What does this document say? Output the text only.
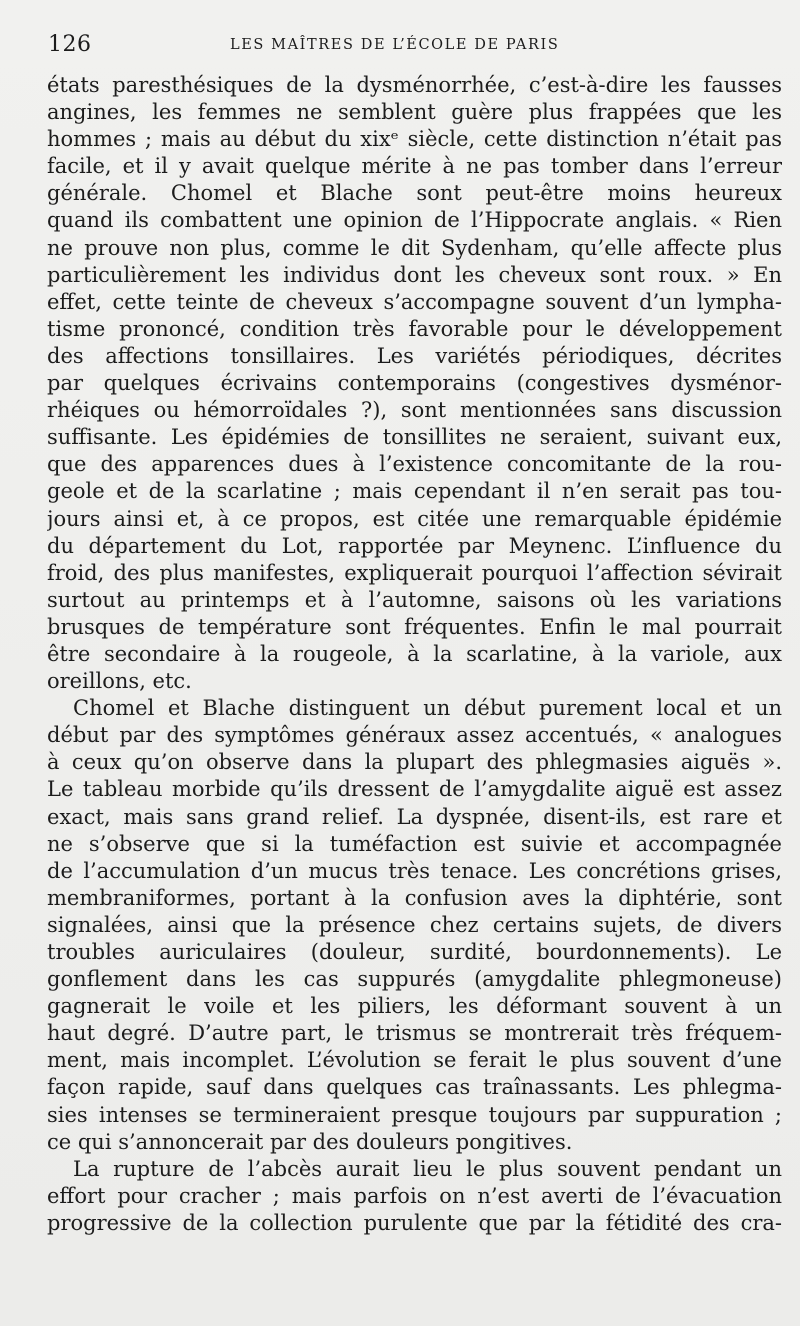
126	LES MAÎTRES DE L’ÉCOLE DE PARIS
états paresthésiques de la dysménorrhée, c’est-à-dire les fausses
angines, les femmes ne semblent guère plus frappées que les
hommes ; mais au début du xixᵉ siècle, cette distinction n’était pas
facile, et il y avait quelque mérite à ne pas tomber dans l’erreur
générale. Chomel et Blache sont peut-être moins heureux
quand ils combattent une opinion de l’Hippocrate anglais. « Rien
ne prouve non plus, comme le dit Sydenham, qu’elle affecte plus
particulièrement les individus dont les cheveux sont roux. » En
effet, cette teinte de cheveux s’accompagne souvent d’un lympha-
tisme prononcé, condition très favorable pour le développement
des affections tonsillaires. Les variétés périodiques, décrites
par quelques écrivains contemporains (congestives dysménor-
rhéiques ou hémorroïdales ?), sont mentionnées sans discussion
suffisante. Les épidémies de tonsillites ne seraient, suivant eux,
que des apparences dues à l’existence concomitante de la rou-
geole et de la scarlatine ; mais cependant il n’en serait pas tou-
jours ainsi et, à ce propos, est citée une remarquable épidémie
du département du Lot, rapportée par Meynenc. L’influence du
froid, des plus manifestes, expliquerait pourquoi l’affection sévirait
surtout au printemps et à l’automne, saisons où les variations
brusques de température sont fréquentes. Enfin le mal pourrait
être secondaire à la rougeole, à la scarlatine, à la variole, aux
oreillons, etc.
Chomel et Blache distinguent un début purement local et un
début par des symptômes généraux assez accentués, « analogues
à ceux qu’on observe dans la plupart des phlegmasies aiguës ».
Le tableau morbide qu’ils dressent de l’amygdalite aiguë est assez
exact, mais sans grand relief. La dyspnée, disent-ils, est rare et
ne s’observe que si la tuméfaction est suivie et accompagnée
de l’accumulation d’un mucus très tenace. Les concrétions grises,
membraniformes, portant à la confusion aves la diphtérie, sont
signalées, ainsi que la présence chez certains sujets, de divers
troubles auriculaires (douleur, surdité, bourdonnements). Le
gonflement dans les cas suppurés (amygdalite phlegmoneuse)
gagnerait le voile et les piliers, les déformant souvent à un
haut degré. D’autre part, le trismus se montrerait très fréquem-
ment, mais incomplet. L’évolution se ferait le plus souvent d’une
façon rapide, sauf dans quelques cas traînassants. Les phlegma-
sies intenses se termineraient presque toujours par suppuration ;
ce qui s’annoncerait par des douleurs pongitives.
La rupture de l’abcès aurait lieu le plus souvent pendant un
effort pour cracher ; mais parfois on n’est averti de l’évacuation
progressive de la collection purulente que par la fétidité des cra-
